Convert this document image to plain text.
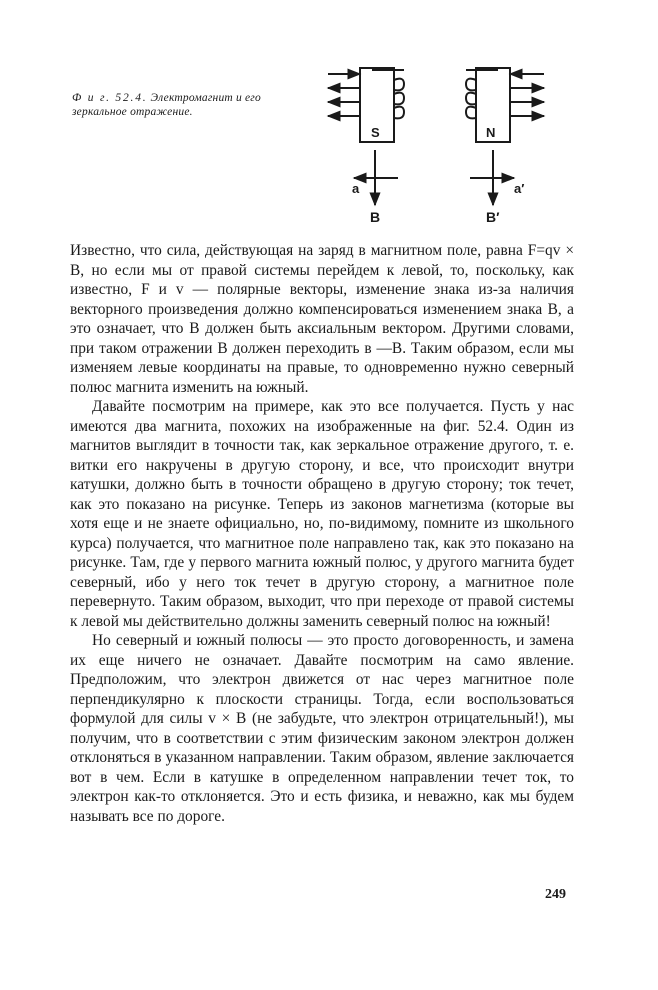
Ф и г. 52.4. Электромагнит и его зеркальное отражение.
S	N
a	a′
B	B′

Известно, что сила, действующая на заряд в магнитном поле, равна F=qv × B, но если мы от правой системы перейдем к левой, то, поскольку, как известно, F и v — полярные векторы, изменение знака из-за наличия векторного произведения должно компенсироваться изменением знака B, а это означает, что B должен быть аксиальным вектором. Другими словами, при таком отражении B должен переходить в —B. Таким образом, если мы изменяем левые координаты на правые, то одновременно нужно северный полюс магнита изменить на южный.

Давайте посмотрим на примере, как это все получается. Пусть у нас имеются два магнита, похожих на изображенные на фиг. 52.4. Один из магнитов выглядит в точности так, как зеркальное отражение другого, т. е. витки его накручены в другую сторону, и все, что происходит внутри катушки, должно быть в точности обращено в другую сторону; ток течет, как это показано на рисунке. Теперь из законов магнетизма (которые вы хотя еще и не знаете официально, но, по-видимому, помните из школьного курса) получается, что магнитное поле направлено так, как это показано на рисунке. Там, где у первого магнита южный полюс, у другого магнита будет северный, ибо у него ток течет в другую сторону, а магнитное поле перевернуто. Таким образом, выходит, что при переходе от правой системы к левой мы действительно должны заменить северный полюс на южный!

Но северный и южный полюсы — это просто договоренность, и замена их еще ничего не означает. Давайте посмотрим на само явление. Предположим, что электрон движется от нас через магнитное поле перпендикулярно к плоскости страницы. Тогда, если воспользоваться формулой для силы v × B (не забудьте, что электрон отрицательный!), мы получим, что в соответствии с этим физическим законом электрон должен отклоняться в указанном направлении. Таким образом, явление заключается вот в чем. Если в катушке в определенном направлении течет ток, то электрон как-то отклоняется. Это и есть физика, и неважно, как мы будем называть все по дороге.

249
